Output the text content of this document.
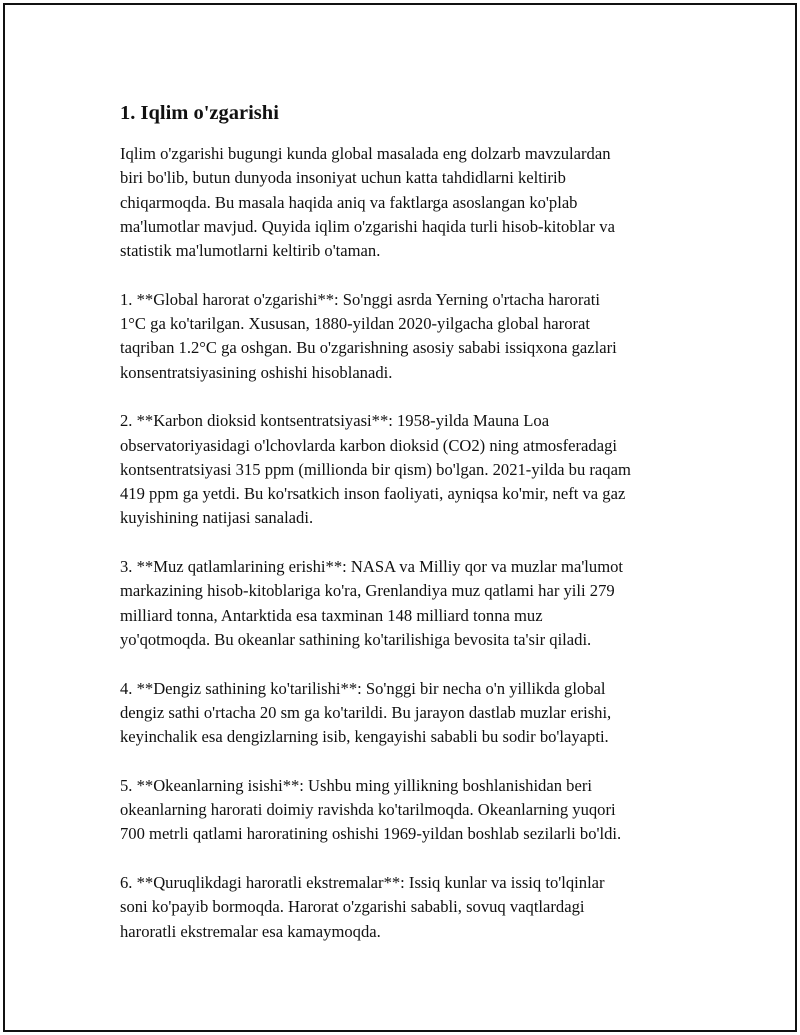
1. Iqlim o'zgarishi

Iqlim o'zgarishi bugungi kunda global masalada eng dolzarb mavzulardan
biri bo'lib, butun dunyoda insoniyat uchun katta tahdidlarni keltirib
chiqarmoqda. Bu masala haqida aniq va faktlarga asoslangan ko'plab
ma'lumotlar mavjud. Quyida iqlim o'zgarishi haqida turli hisob-kitoblar va
statistik ma'lumotlarni keltirib o'taman.

1. **Global harorat o'zgarishi**: So'nggi asrda Yerning o'rtacha harorati
1°C ga ko'tarilgan. Xususan, 1880-yildan 2020-yilgacha global harorat
taqriban 1.2°C ga oshgan. Bu o'zgarishning asosiy sababi issiqxona gazlari
konsentratsiyasining oshishi hisoblanadi.

2. **Karbon dioksid kontsentratsiyasi**: 1958-yilda Mauna Loa
observatoriyasidagi o'lchovlarda karbon dioksid (CO2) ning atmosferadagi
kontsentratsiyasi 315 ppm (millionda bir qism) bo'lgan. 2021-yilda bu raqam
419 ppm ga yetdi. Bu ko'rsatkich inson faoliyati, ayniqsa ko'mir, neft va gaz
kuyishining natijasi sanaladi.

3. **Muz qatlamlarining erishi**: NASA va Milliy qor va muzlar ma'lumot
markazining hisob-kitoblariga ko'ra, Grenlandiya muz qatlami har yili 279
milliard tonna, Antarktida esa taxminan 148 milliard tonna muz
yo'qotmoqda. Bu okeanlar sathining ko'tarilishiga bevosita ta'sir qiladi.

4. **Dengiz sathining ko'tarilishi**: So'nggi bir necha o'n yillikda global
dengiz sathi o'rtacha 20 sm ga ko'tarildi. Bu jarayon dastlab muzlar erishi,
keyinchalik esa dengizlarning isib, kengayishi sababli bu sodir bo'layapti.

5. **Okeanlarning isishi**: Ushbu ming yillikning boshlanishidan beri
okeanlarning harorati doimiy ravishda ko'tarilmoqda. Okeanlarning yuqori
700 metrli qatlami haroratining oshishi 1969-yildan boshlab sezilarli bo'ldi.

6. **Quruqlikdagi haroratli ekstremalar**: Issiq kunlar va issiq to'lqinlar
soni ko'payib bormoqda. Harorat o'zgarishi sababli, sovuq vaqtlardagi
haroratli ekstremalar esa kamaymoqda.
